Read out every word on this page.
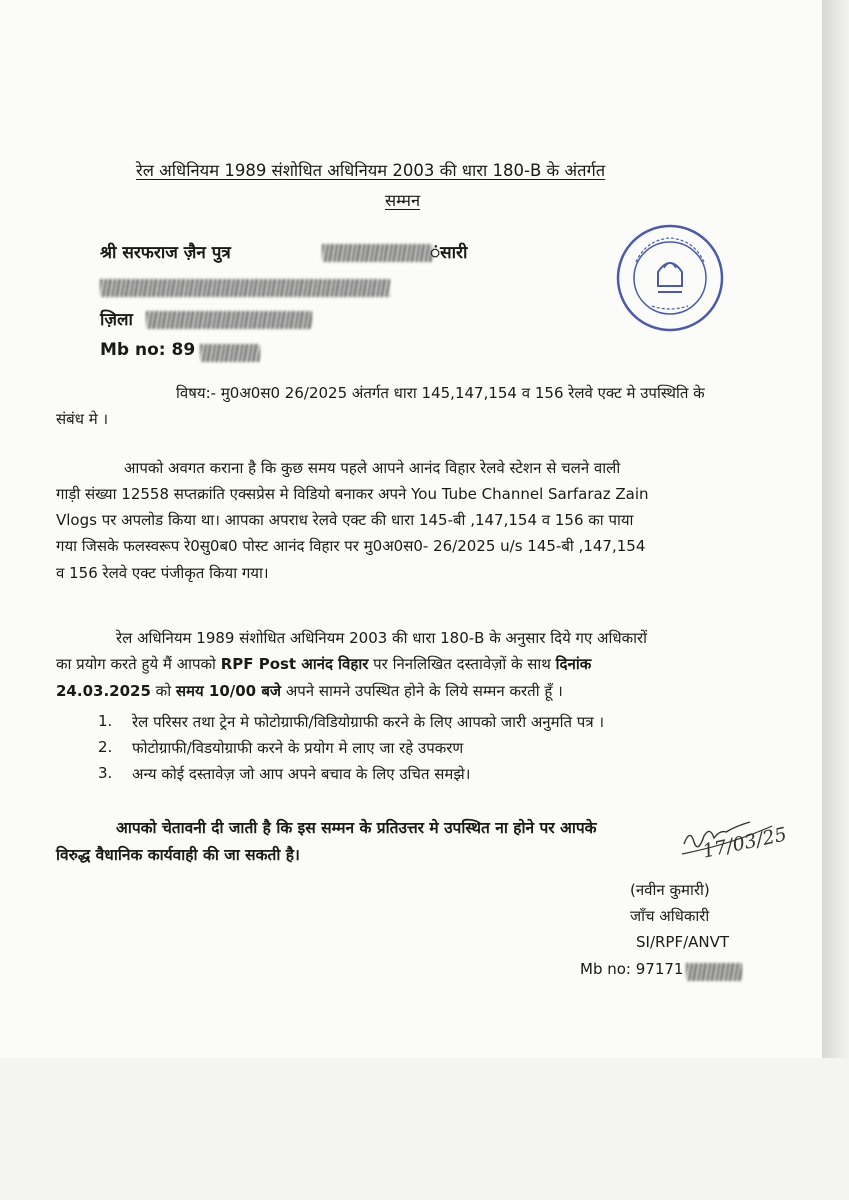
रेल अधिनियम 1989 संशोधित अधिनियम 2003 की धारा 180-B के अंतर्गत
सम्मन
श्री सरफराज ज़ैन पुत्र	ंसारी
ज़िला
Mb no: 89
विषय:- मु0अ0स0 26/2025 अंतर्गत धारा 145,147,154 व 156 रेलवे एक्ट मे उपस्थिति के
संबंध मे ।
आपको अवगत कराना है कि कुछ समय पहले आपने आनंद विहार रेलवे स्टेशन से चलने वाली
गाड़ी संख्या 12558 सप्तक्रांति एक्सप्रेस मे विडियो बनाकर अपने You Tube Channel Sarfaraz Zain
Vlogs पर अपलोड किया था। आपका अपराध रेलवे एक्ट की धारा 145-बी ,147,154 व 156 का पाया
गया जिसके फलस्वरूप रे0सु0ब0 पोस्ट आनंद विहार पर मु0अ0स0- 26/2025 u/s 145-बी ,147,154
व 156 रेलवे एक्ट पंजीकृत किया गया।
रेल अधिनियम 1989 संशोधित अधिनियम 2003 की धारा 180-B के अनुसार दिये गए अधिकारों
का प्रयोग करते हुये मैं आपको RPF Post आनंद विहार पर निनलिखित दस्तावेज़ों के साथ दिनांक
24.03.2025 को समय 10/00 बजे अपने सामने उपस्थित होने के लिये सम्मन करती हूँ ।
1. रेल परिसर तथा ट्रेन मे फोटोग्राफी/विडियोग्राफी करने के लिए आपको जारी अनुमति पत्र ।
2. फोटोग्राफी/विडयोग्राफी करने के प्रयोग मे लाए जा रहे उपकरण
3. अन्य कोई दस्तावेज़ जो आप अपने बचाव के लिए उचित समझे।
आपको चेतावनी दी जाती है कि इस सम्मन के प्रतिउत्तर मे उपस्थित ना होने पर आपके
विरुद्ध वैधानिक कार्यवाही की जा सकती है।	17/03/25
(नवीन कुमारी)
जाँच अधिकारी
SI/RPF/ANVT
Mb no: 97171
